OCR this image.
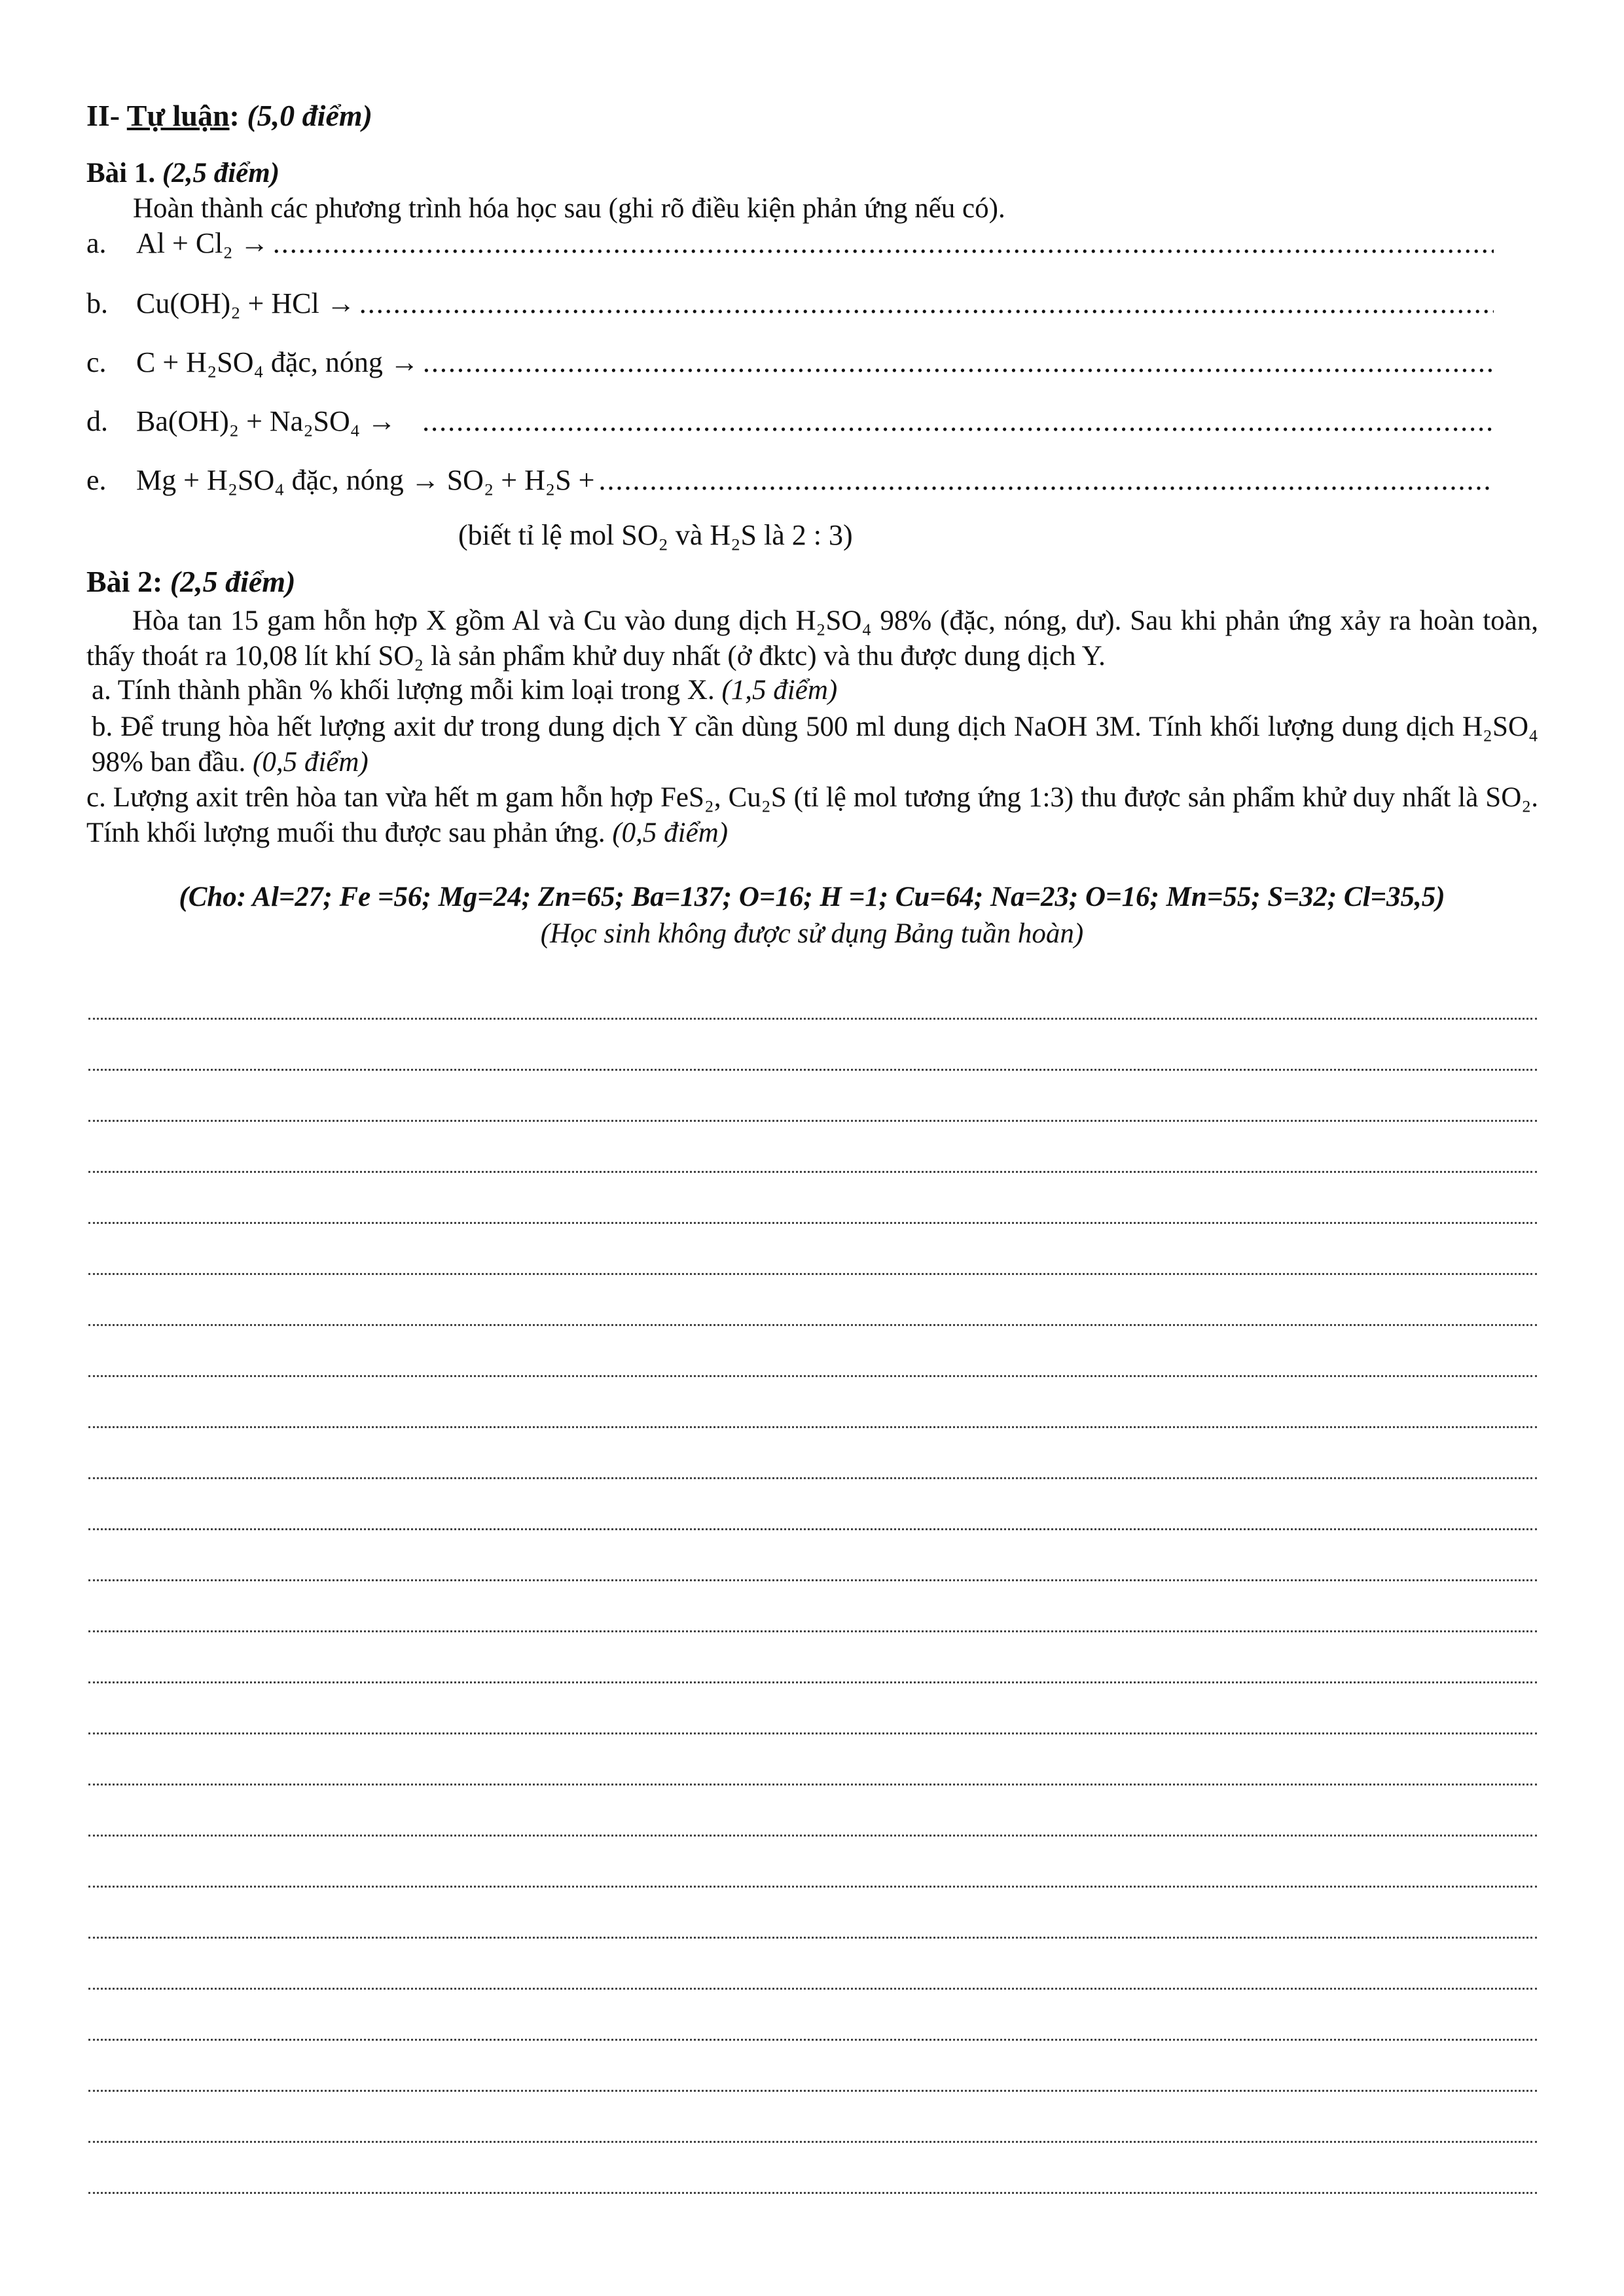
II- Tự luận: (5,0 điểm)
Bài 1. (2,5 điểm)
Hoàn thành các phương trình hóa học sau (ghi rõ điều kiện phản ứng nếu có).
a.	Al + Cl₂ →
.....
b. Cu(OH)₂ + HCl →
.....
c.	C + H₂SO₄ đặc, nóng →
.....
d. Ba(OH)₂ + Na₂SO₄ →
.....
e.	Mg + H₂SO₄ đặc, nóng → SO₂ + H₂S +
.....
(biết tỉ lệ mol SO₂ và H₂S là 2 : 3)
Bài 2: (2,5 điểm)
Hòa tan 15 gam hỗn hợp X gồm Al và Cu vào dung dịch H₂SO₄ 98% (đặc, nóng, dư). Sau khi phản ứng xảy ra hoàn toàn, thấy thoát ra 10,08 lít khí SO₂ là sản phẩm khử duy nhất (ở đktc) và thu được dung dịch Y.
a. Tính thành phần % khối lượng mỗi kim loại trong X. (1,5 điểm)
b. Để trung hòa hết lượng axit dư trong dung dịch Y cần dùng 500 ml dung dịch NaOH 3M. Tính khối lượng dung dịch H₂SO₄ 98% ban đầu. (0,5 điểm)
c. Lượng axit trên hòa tan vừa hết m gam hỗn hợp FeS₂, Cu₂S (tỉ lệ mol tương ứng 1:3) thu được sản phẩm khử duy nhất là SO₂. Tính khối lượng muối thu được sau phản ứng. (0,5 điểm)
(Cho: Al=27; Fe =56; Mg=24; Zn=65; Ba=137; O=16; H =1; Cu=64; Na=23; O=16; Mn=55; S=32; Cl=35,5)
(Học sinh không được sử dụng Bảng tuần hoàn)
